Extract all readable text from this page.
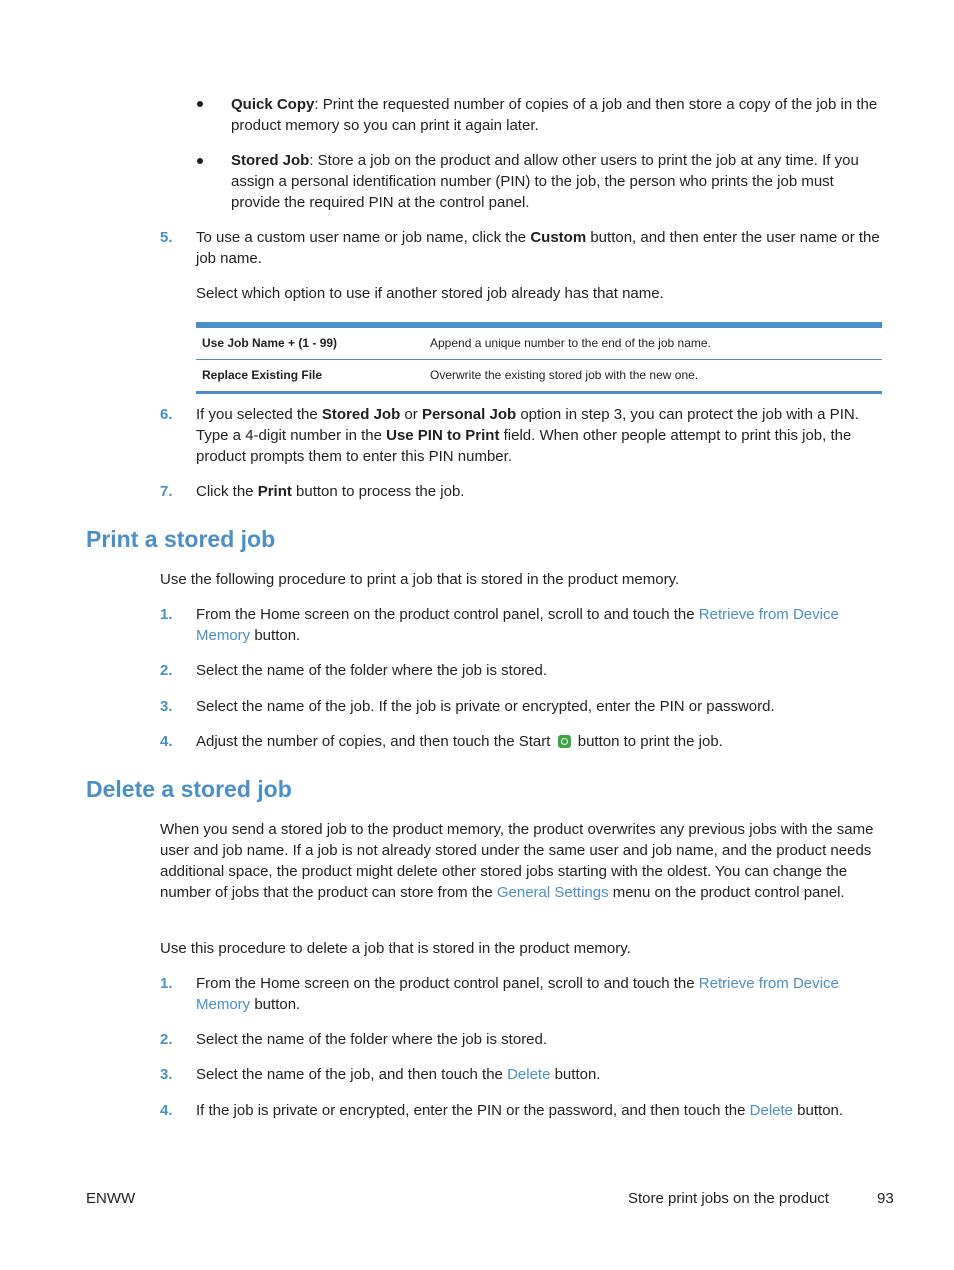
Quick Copy: Print the requested number of copies of a job and then store a copy of the job in the product memory so you can print it again later.
Stored Job: Store a job on the product and allow other users to print the job at any time. If you assign a personal identification number (PIN) to the job, the person who prints the job must provide the required PIN at the control panel.
5. To use a custom user name or job name, click the Custom button, and then enter the user name or the job name.
Select which option to use if another stored job already has that name.
Use Job Name + (1 - 99)	Append a unique number to the end of the job name.
Replace Existing File	Overwrite the existing stored job with the new one.
6. If you selected the Stored Job or Personal Job option in step 3, you can protect the job with a PIN. Type a 4-digit number in the Use PIN to Print field. When other people attempt to print this job, the product prompts them to enter this PIN number.
7. Click the Print button to process the job.
Print a stored job
Use the following procedure to print a job that is stored in the product memory.
1. From the Home screen on the product control panel, scroll to and touch the Retrieve from Device Memory button.
2. Select the name of the folder where the job is stored.
3. Select the name of the job. If the job is private or encrypted, enter the PIN or password.
4. Adjust the number of copies, and then touch the Start button to print the job.
Delete a stored job
When you send a stored job to the product memory, the product overwrites any previous jobs with the same user and job name. If a job is not already stored under the same user and job name, and the product needs additional space, the product might delete other stored jobs starting with the oldest. You can change the number of jobs that the product can store from the General Settings menu on the product control panel.
Use this procedure to delete a job that is stored in the product memory.
1. From the Home screen on the product control panel, scroll to and touch the Retrieve from Device Memory button.
2. Select the name of the folder where the job is stored.
3. Select the name of the job, and then touch the Delete button.
4. If the job is private or encrypted, enter the PIN or the password, and then touch the Delete button.
ENWW	Store print jobs on the product	93
